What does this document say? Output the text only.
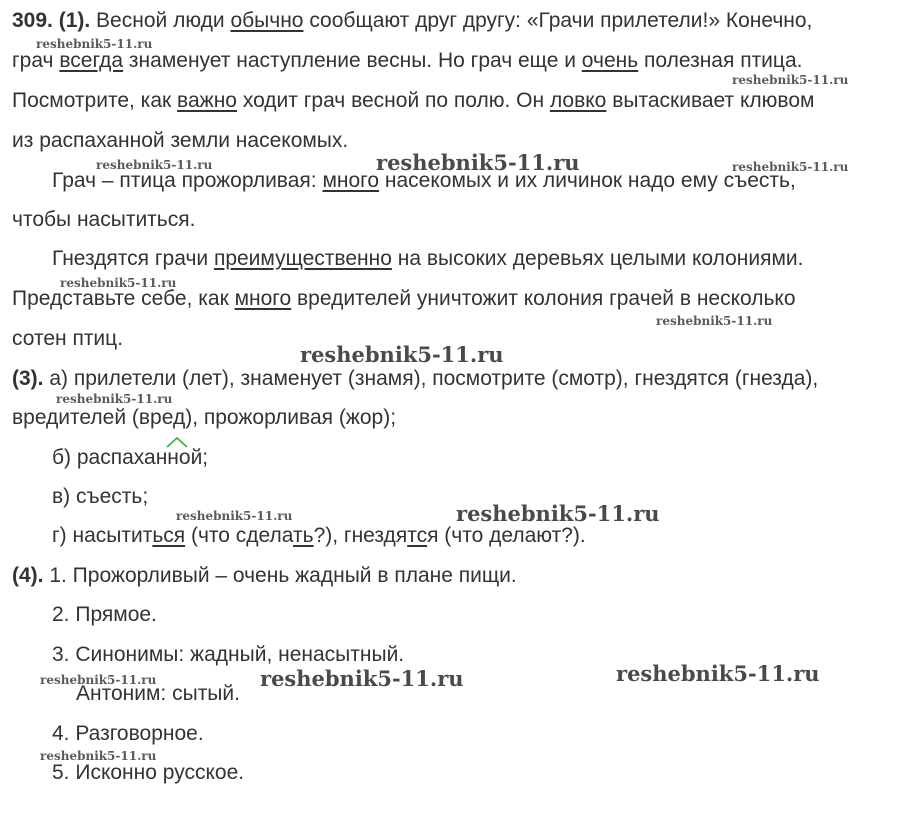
309. (1). Весной люди обычно сообщают друг другу: «Грачи прилетели!» Конечно,
грач всегда знаменует наступление весны. Но грач еще и очень полезная птица.
Посмотрите, как важно ходит грач весной по полю. Он ловко вытаскивает клювом
из распаханной земли насекомых.
Грач – птица прожорливая: много насекомых и их личинок надо ему съесть,
чтобы насытиться.
Гнездятся грачи преимущественно на высоких деревьях целыми колониями.
Представьте себе, как много вредителей уничтожит колония грачей в несколько
сотен птиц.
(3). а) прилетели (лет), знаменует (знамя), посмотрите (смотр), гнездятся (гнезда),
вредителей (вред), прожорливая (жор);
б) распаханной;
в) съесть;
г) насытиться (что сделать?), гнездятся (что делают?).
(4). 1. Прожорливый – очень жадный в плане пищи.
2. Прямое.
3. Синонимы: жадный, ненасытный.
Антоним: сытый.
4. Разговорное.
5. Исконно русское.
reshebnik5-11.ru
reshebnik5-11.ru
reshebnik5-11.ru	reshebnik5-11.ru	reshebnik5-11.ru
reshebnik5-11.ru
reshebnik5-11.ru
reshebnik5-11.ru
reshebnik5-11.ru
reshebnik5-11.ru	reshebnik5-11.ru
reshebnik5-11.ru
reshebnik5-11.ru	reshebnik5-11.ru
reshebnik5-11.ru
